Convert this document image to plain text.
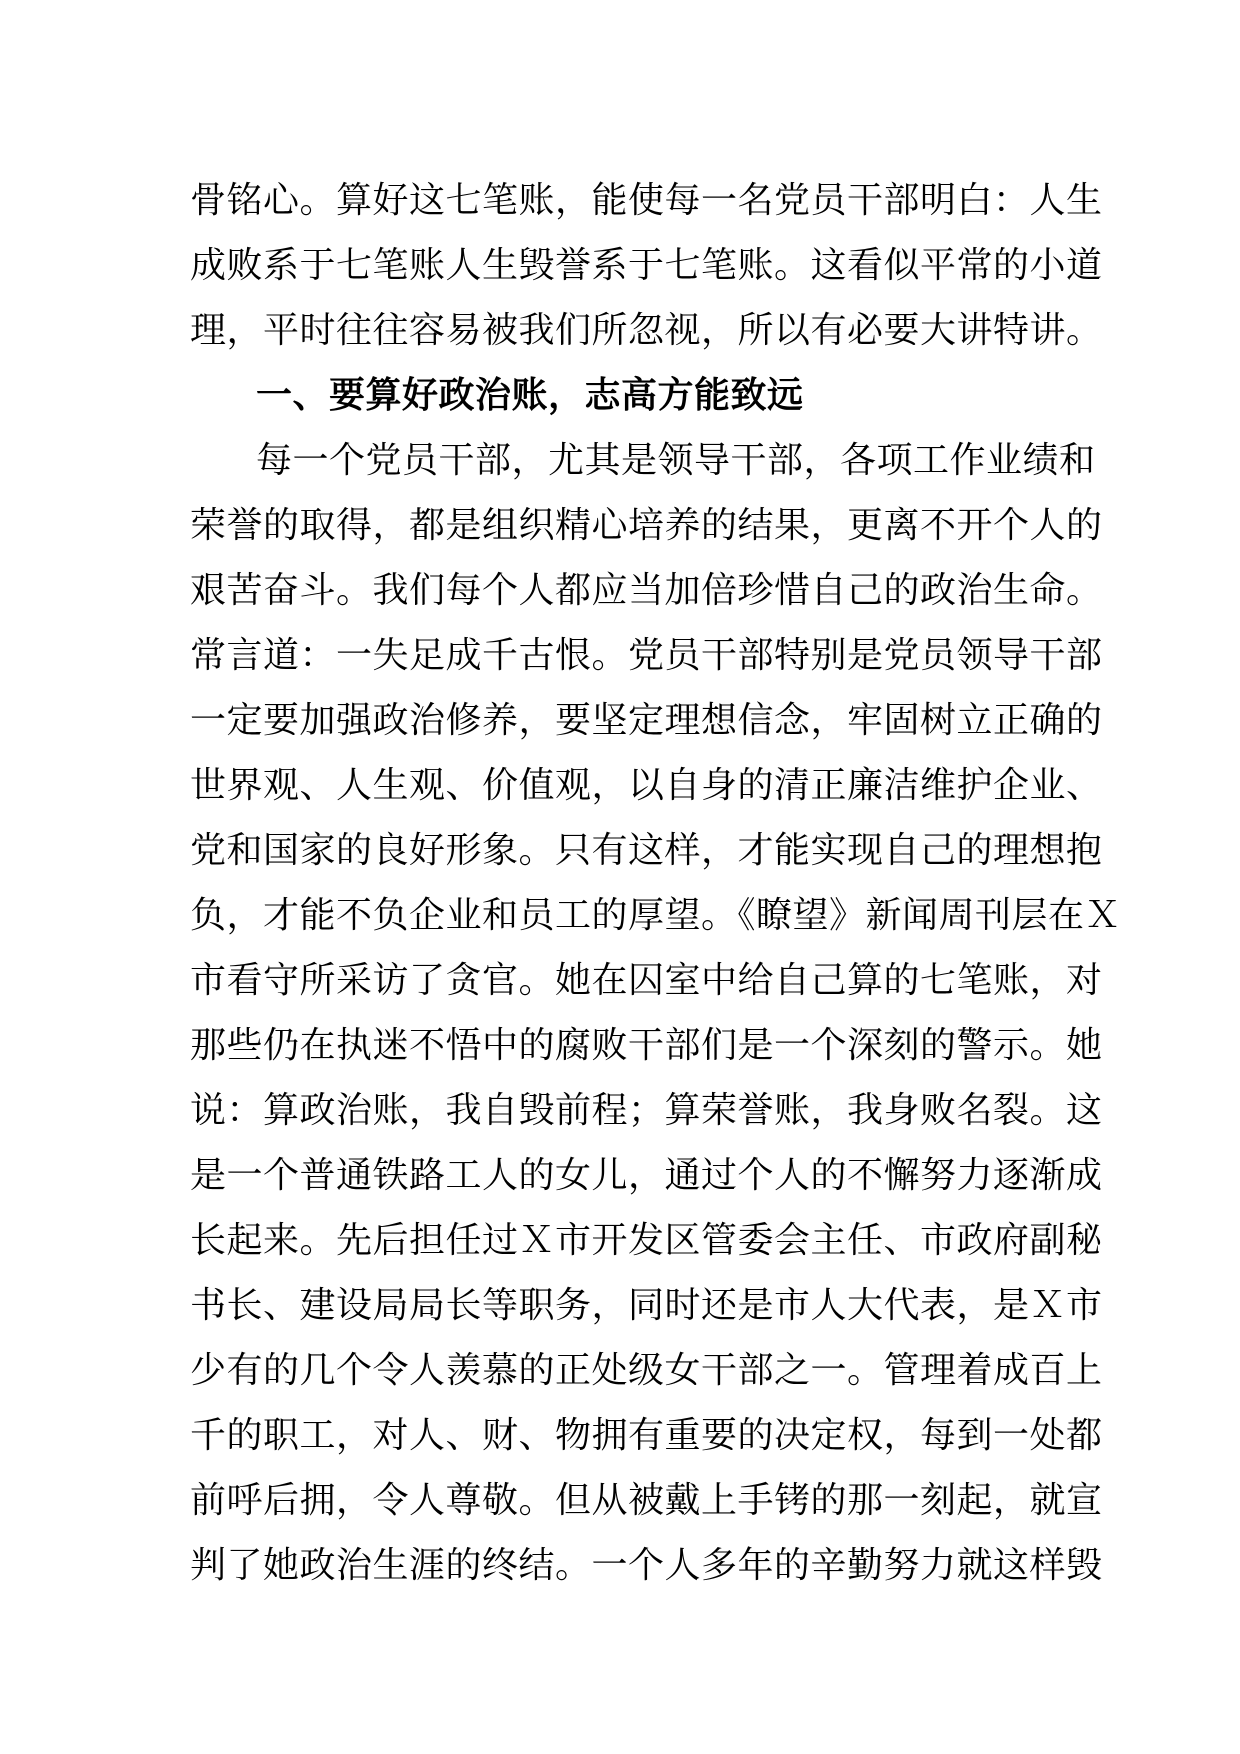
骨铭心。算好这七笔账，能使每一名党员干部明白：人生
成败系于七笔账人生毁誉系于七笔账。这看似平常的小道
理，平时往往容易被我们所忽视，所以有必要大讲特讲。
一、要算好政治账，志高方能致远
每一个党员干部，尤其是领导干部，各项工作业绩和
荣誉的取得，都是组织精心培养的结果，更离不开个人的
艰苦奋斗。我们每个人都应当加倍珍惜自己的政治生命。
常言道：一失足成千古恨。党员干部特别是党员领导干部
一定要加强政治修养，要坚定理想信念，牢固树立正确的
世界观、人生观、价值观，以自身的清正廉洁维护企业、
党和国家的良好形象。只有这样，才能实现自己的理想抱
负，才能不负企业和员工的厚望。《瞭望》新闻周刊层在Ｘ
市看守所采访了贪官。她在囚室中给自己算的七笔账，对
那些仍在执迷不悟中的腐败干部们是一个深刻的警示。她
说：算政治账，我自毁前程；算荣誉账，我身败名裂。这
是一个普通铁路工人的女儿，通过个人的不懈努力逐渐成
长起来。先后担任过Ｘ市开发区管委会主任、市政府副秘
书长、建设局局长等职务，同时还是市人大代表，是Ｘ市
少有的几个令人羡慕的正处级女干部之一。管理着成百上
千的职工，对人、财、物拥有重要的决定权，每到一处都
前呼后拥，令人尊敬。但从被戴上手铐的那一刻起，就宣
判了她政治生涯的终结。一个人多年的辛勤努力就这样毁
